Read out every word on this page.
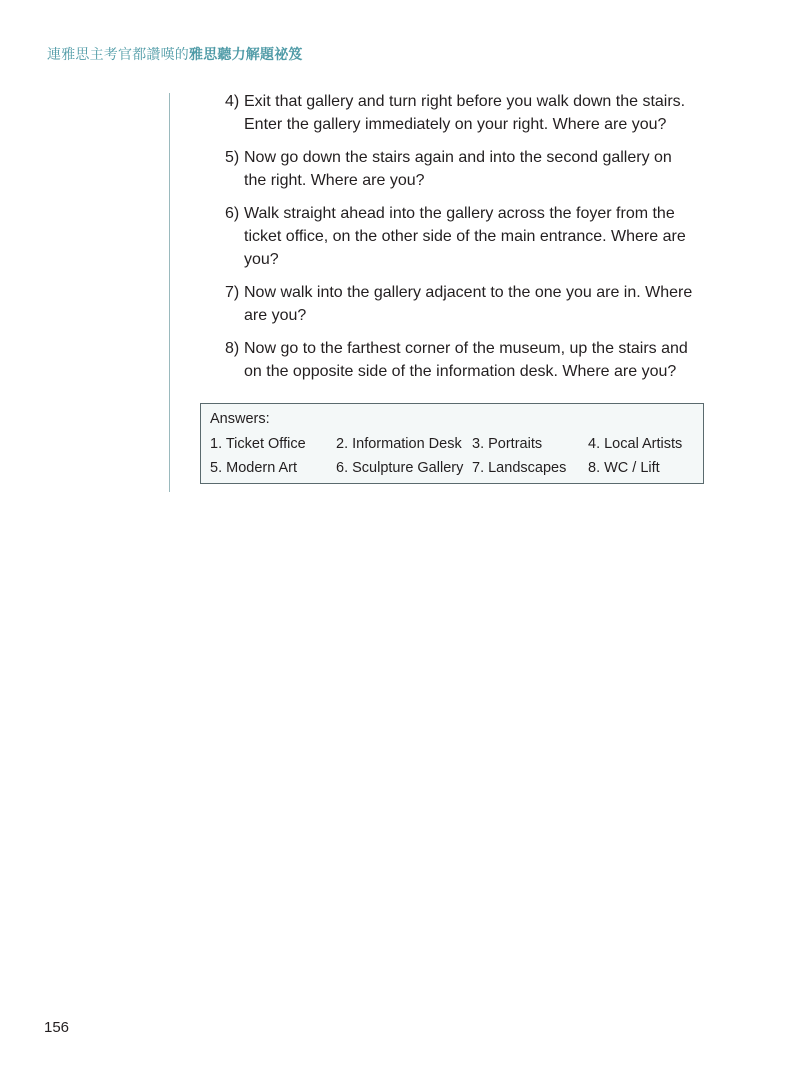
連雅思主考官都讚嘆的雅思聽力解題祕笈
4) Exit that gallery and turn right before you walk down the stairs.
Enter the gallery immediately on your right. Where are you?
5) Now go down the stairs again and into the second gallery on
the right. Where are you?
6) Walk straight ahead into the gallery across the foyer from the
ticket office, on the other side of the main entrance. Where are
you?
7) Now walk into the gallery adjacent to the one you are in. Where
are you?
8) Now go to the farthest corner of the museum, up the stairs and
on the opposite side of the information desk. Where are you?
Answers:
1. Ticket Office 2. Information Desk 3. Portraits	4. Local Artists
5. Modern Art	6. Sculpture Gallery 7. Landscapes 8. WC / Lift
156
